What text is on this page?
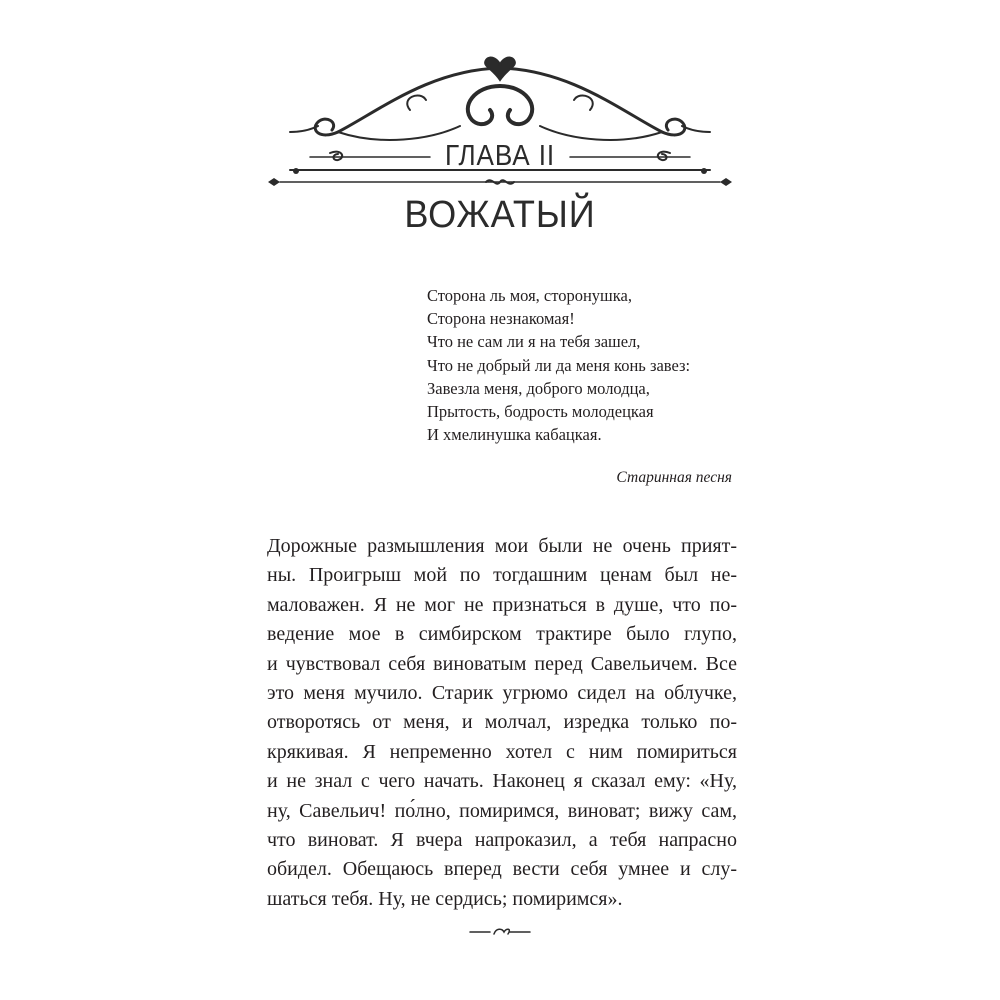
ГЛАВА II
ВОЖАТЫЙ
Сторона ль моя, сторонушка,
Сторона незнакомая!
Что не сам ли я на тебя зашел,
Что не добрый ли да меня конь завез:
Завезла меня, доброго молодца,
Прытость, бодрость молодецкая
И хмелинушка кабацкая.
Старинная песня
Дорожные размышления мои были не очень прият-
ны. Проигрыш мой по тогдашним ценам был не-
маловажен. Я не мог не признаться в душе, что по-
ведение мое в симбирском трактире было глупо,
и чувствовал себя виноватым перед Савельичем. Все
это меня мучило. Старик угрюмо сидел на облучке,
отворотясь от меня, и молчал, изредка только по-
крякивая. Я непременно хотел с ним помириться
и не знал с чего начать. Наконец я сказал ему: «Ну,
ну, Савельич! по́лно, помиримся, виноват; вижу сам,
что виноват. Я вчера напроказил, а тебя напрасно
обидел. Обещаюсь вперед вести себя умнее и слу-
шаться тебя. Ну, не сердись; помиримся».
